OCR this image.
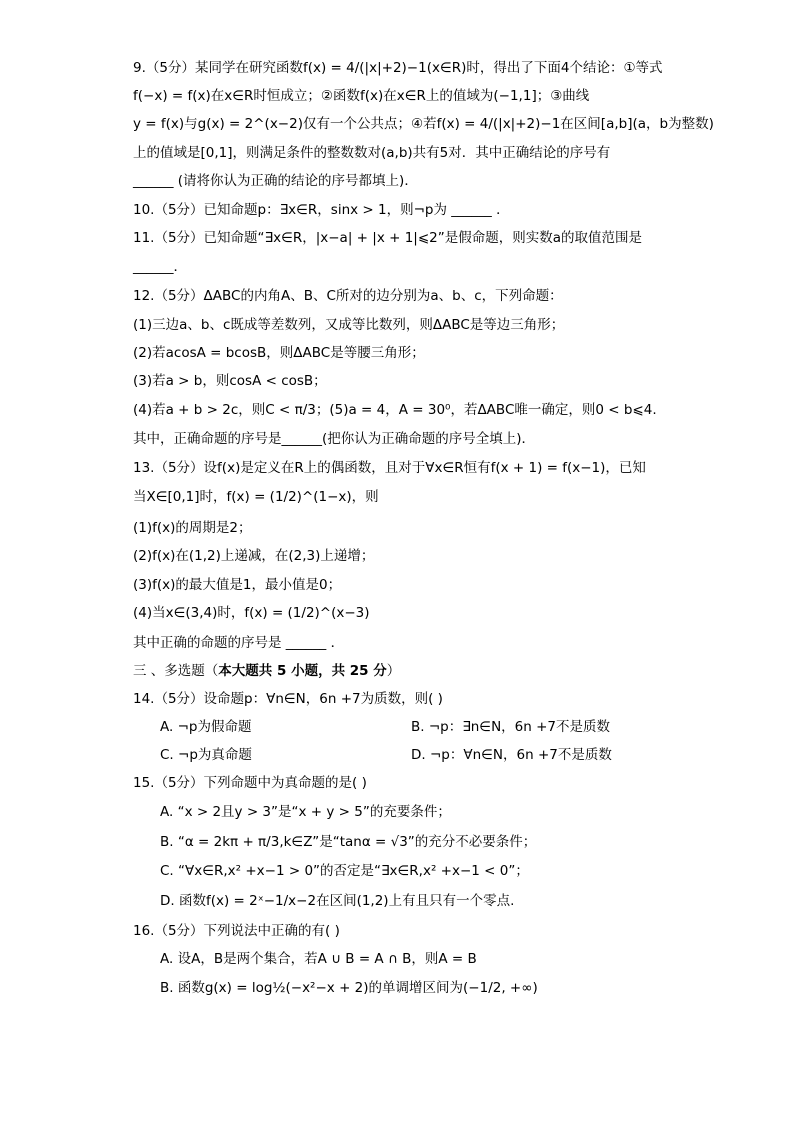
9.（5分）某同学在研究函数f(x) = 4/(|x|+2)−1(x∈R)时，得出了下面4个结论：①等式
f(−x) = f(x)在x∈R时恒成立；②函数f(x)在x∈R上的值域为(−1,1]；③曲线
y = f(x)与g(x) = 2^(x−2)仅有一个公共点；④若f(x) = 4/(|x|+2)−1在区间[a,b](a，b为整数)
上的值域是[0,1]，则满足条件的整数数对(a,b)共有5对．其中正确结论的序号有
______ (请将你认为正确的结论的序号都填上)．
10.（5分）已知命题p：∃x∈R，sinx > 1，则¬p为 ______ ．
11.（5分）已知命题“∃x∈R，|x−a| + |x + 1|⩽2”是假命题，则实数a的取值范围是
______．
12.（5分）ΔABC的内角A、B、C所对的边分别为a、b、c，下列命题：
(1)三边a、b、c既成等差数列，又成等比数列，则ΔABC是等边三角形；
(2)若acosA = bcosB，则ΔABC是等腰三角形；
(3)若a > b，则cosA < cosB；
(4)若a + b > 2c，则C < π/3；(5)a = 4，A = 30⁰，若ΔABC唯一确定，则0 < b⩽4.
其中，正确命题的序号是______(把你认为正确命题的序号全填上)．
13.（5分）设f(x)是定义在R上的偶函数，且对于∀x∈R恒有f(x + 1) = f(x−1)，已知
当X∈[0,1]时，f(x) = (1/2)^(1−x)，则
(1)f(x)的周期是2；
(2)f(x)在(1,2)上递减，在(2,3)上递增；
(3)f(x)的最大值是1，最小值是0；
(4)当x∈(3,4)时，f(x) = (1/2)^(x−3)
其中正确的命题的序号是 ______ ．
三 、多选题（本大题共 5 小题，共 25 分）
14.（5分）设命题p：∀n∈N，6n +7为质数，则( )
A. ¬p为假命题	B. ¬p：∃n∈N，6n +7不是质数
C. ¬p为真命题	D. ¬p：∀n∈N，6n +7不是质数
15.（5分）下列命题中为真命题的是( )
A. “x > 2且y > 3”是“x + y > 5”的充要条件；
B. “α = 2kπ + π/3,k∈Z”是“tanα = √3”的充分不必要条件；
C. “∀x∈R,x² +x−1 > 0”的否定是“∃x∈R,x² +x−1 < 0”；
D. 函数f(x) = 2ˣ−1/x−2在区间(1,2)上有且只有一个零点.
16.（5分）下列说法中正确的有( )
A. 设A，B是两个集合，若A ∪ B = A ∩ B，则A = B
B. 函数g(x) = log½(−x²−x + 2)的单调增区间为(−1/2, +∞)
